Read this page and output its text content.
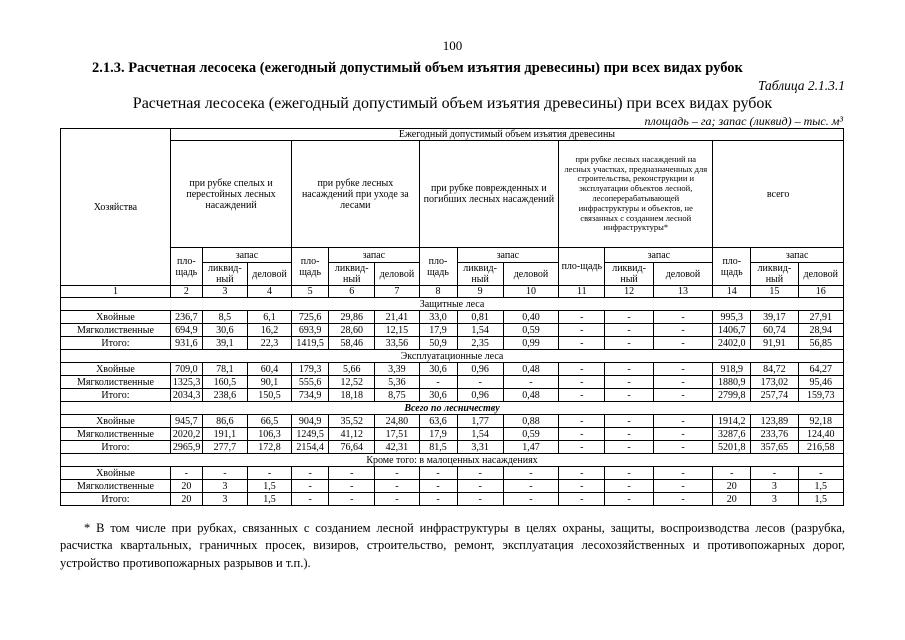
100
2.1.3. Расчетная лесосека (ежегодный допустимый объем изъятия древесины) при всех видах рубок
Таблица 2.1.3.1
Расчетная лесосека (ежегодный допустимый объем изъятия древесины) при всех видах рубок
площадь – га; запас (ликвид) – тыс. м³
Хозяйства	Ежегодный допустимый объем изъятия древесины														
	при рубке спелых и перестойных лесных насаждений			при рубке лесных насаждений при уходе за лесами			при рубке поврежденных и погибших лесных насаждений			при рубке лесных насаждений на лесных участках, предназначенных для строительства, реконструкции и эксплуатации объектов лесной, лесоперерабатывающей инфраструктуры и объектов, не связанных с созданием лесной инфраструктуры*			всего		
	пло-щадь	запас		пло-щадь	запас		пло-щадь	запас		пло-щадь	запас		пло-щадь	запас	
		ликвид-ный	деловой		ликвид-ный	деловой		ликвид-ный	деловой		ликвид-ный	деловой		ликвид-ный	деловой
1	2	3	4	5	6	7	8	9	10	11	12	13	14	15	16
Защитные леса															
Хвойные	236,7	8,5	6,1	725,6	29,86	21,41	33,0	0,81	0,40	-	-	-	995,3	39,17	27,91
Мягколиственные	694,9	30,6	16,2	693,9	28,60	12,15	17,9	1,54	0,59	-	-	-	1406,7	60,74	28,94
Итого:	931,6	39,1	22,3	1419,5	58,46	33,56	50,9	2,35	0,99	-	-	-	2402,0	91,91	56,85
Эксплуатационные леса															
Хвойные	709,0	78,1	60,4	179,3	5,66	3,39	30,6	0,96	0,48	-	-	-	918,9	84,72	64,27
Мягколиственные	1325,3	160,5	90,1	555,6	12,52	5,36	-	-	-	-	-	-	1880,9	173,02	95,46
Итого:	2034,3	238,6	150,5	734,9	18,18	8,75	30,6	0,96	0,48	-	-	-	2799,8	257,74	159,73
Всего по лесничеству															
Хвойные	945,7	86,6	66,5	904,9	35,52	24,80	63,6	1,77	0,88	-	-	-	1914,2	123,89	92,18
Мягколиственные	2020,2	191,1	106,3	1249,5	41,12	17,51	17,9	1,54	0,59	-	-	-	3287,6	233,76	124,40
Итого:	2965,9	277,7	172,8	2154,4	76,64	42,31	81,5	3,31	1,47	-	-	-	5201,8	357,65	216,58
Кроме того: в малоценных насаждениях															
Хвойные	-	-	-	-	-	-	-	-	-	-	-	-	-	-	-
Мягколиственные	20	3	1,5	-	-	-	-	-	-	-	-	-	20	3	1,5
Итого:	20	3	1,5	-	-	-	-	-	-	-	-	-	20	3	1,5
* В том числе при рубках, связанных с созданием лесной инфраструктуры в целях охраны, защиты, воспроизводства лесов (разрубка, расчистка квартальных, граничных просек, визиров, строительство, ремонт, эксплуатация лесохозяйственных и противопожарных дорог, устройство противопожарных разрывов и т.п.).
